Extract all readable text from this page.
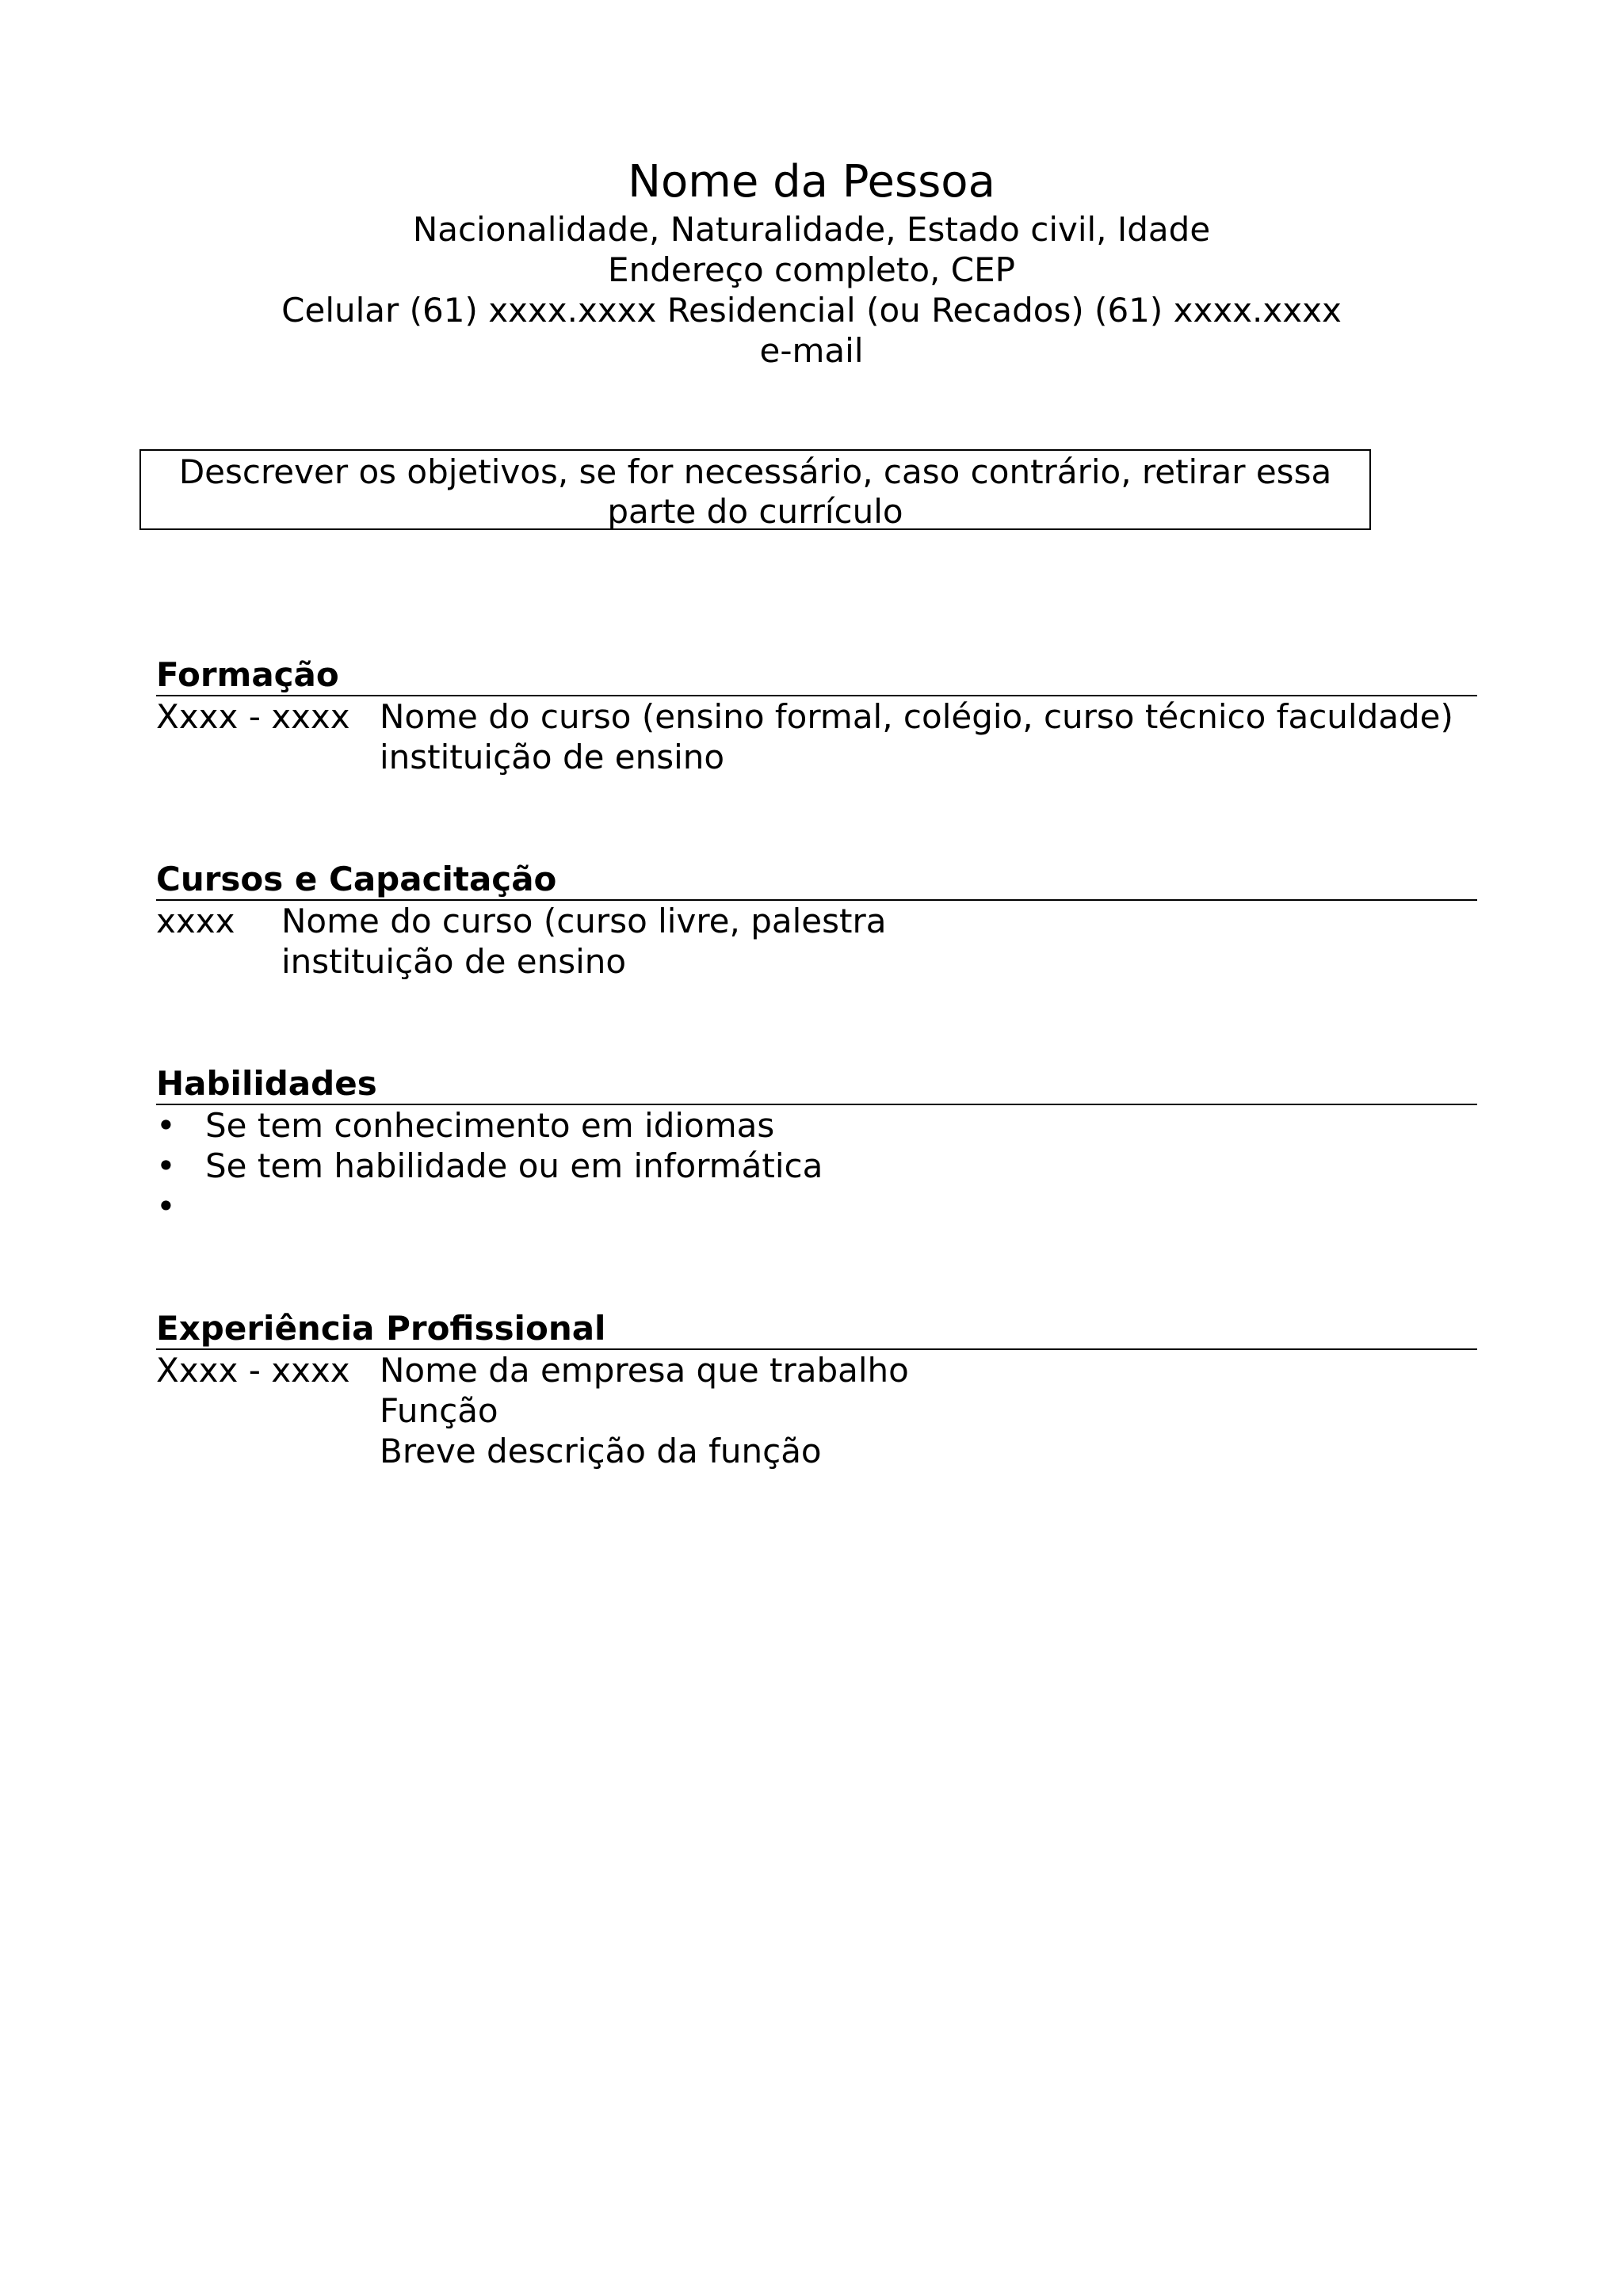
Nome da Pessoa

Nacionalidade, Naturalidade, Estado civil, Idade

Endereço completo, CEP

Celular (61) xxxx.xxxx Residencial (ou Recados) (61) xxxx.xxxx

e-mail

Descrever os objetivos, se for necessário, caso contrário, retirar essa
parte do currículo
Formação
Xxxx - xxxx Nome do curso (ensino formal, colégio, curso técnico faculdade)
instituição de ensino
Cursos e Capacitação
xxxx	Nome do curso (curso livre, palestra
instituição de ensino
Habilidades
• Se tem conhecimento em idiomas
• Se tem habilidade ou em informática
•
Experiência Profissional
Xxxx - xxxx Nome da empresa que trabalho
Função
Breve descrição da função
